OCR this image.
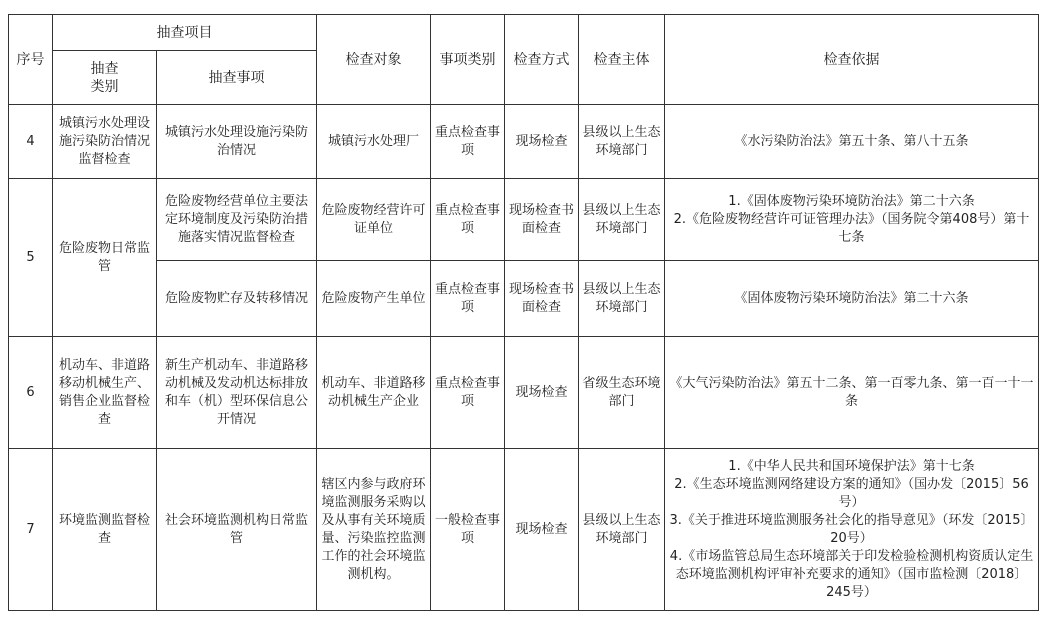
序号	抽查项目		检查对象	事项类别	检查方式	检查主体	检查依据
	抽查
类别	抽查事项					
4	城镇污水处理设施污染防治情况监督检查	城镇污水处理设施污染防治情况	城镇污水处理厂	重点检查事项	现场检查	县级以上生态环境部门	《水污染防治法》第五十条、第八十五条

5	危险废物日常监管	危险废物经营单位主要法定环境制度及污染防治措施落实情况监督检查	危险废物经营许可证单位	重点检查事项	现场检查书面检查	县级以上生态环境部门	1.《固体废物污染环境防治法》第二十六条
2.《危险废物经营许可证管理办法》（国务院令第408号）第十七条

		危险废物贮存及转移情况	危险废物产生单位	重点检查事项	现场检查书面检查	县级以上生态环境部门	《固体废物污染环境防治法》第二十六条

6	机动车、非道路移动机械生产、销售企业监督检查	新生产机动车、非道路移动机械及发动机达标排放和车（机）型环保信息公开情况	机动车、非道路移动机械生产企业	重点检查事项	现场检查	省级生态环境部门	《大气污染防治法》第五十二条、第一百零九条、第一百一十一条

7	环境监测监督检查	社会环境监测机构日常监管	辖区内参与政府环境监测服务采购以及从事有关环境质量、污染监控监测工作的社会环境监测机构。	一般检查事项	现场检查	县级以上生态环境部门	1.《中华人民共和国环境保护法》第十七条
2.《生态环境监测网络建设方案的通知》（国办发〔2015〕56号）
3.《关于推进环境监测服务社会化的指导意见》（环发〔2015〕20号）
4.《市场监管总局生态环境部关于印发检验检测机构资质认定生态环境监测机构评审补充要求的通知》（国市监检测〔2018〕245号）
